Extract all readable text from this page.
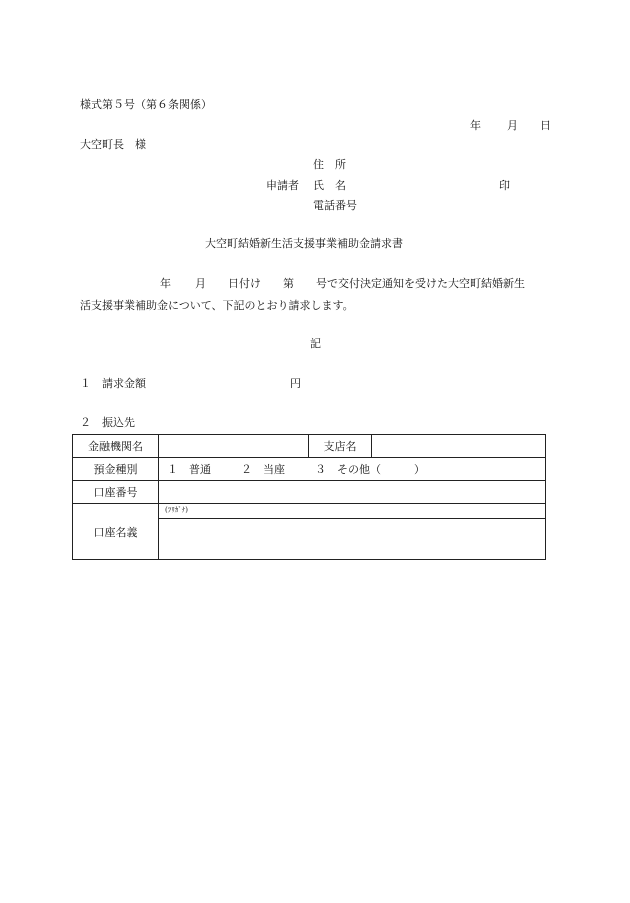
様式第５号（第６条関係）
年 月 日
大空町長　様
住　所
申請者 氏　名	印
電話番号
大空町結婚新生活支援事業補助金請求書
年 月 日付け 第 号で交付決定通知を受けた大空町結婚新生
活支援事業補助金について、下記のとおり請求します。
記
１　請求金額	円
２　振込先
金融機関名		支店名	
預金種別	１　普通 ２　当座 ３　その他（　　　）		
口座番号			
口座名義	(ﾌﾘｶﾞﾅ)		
